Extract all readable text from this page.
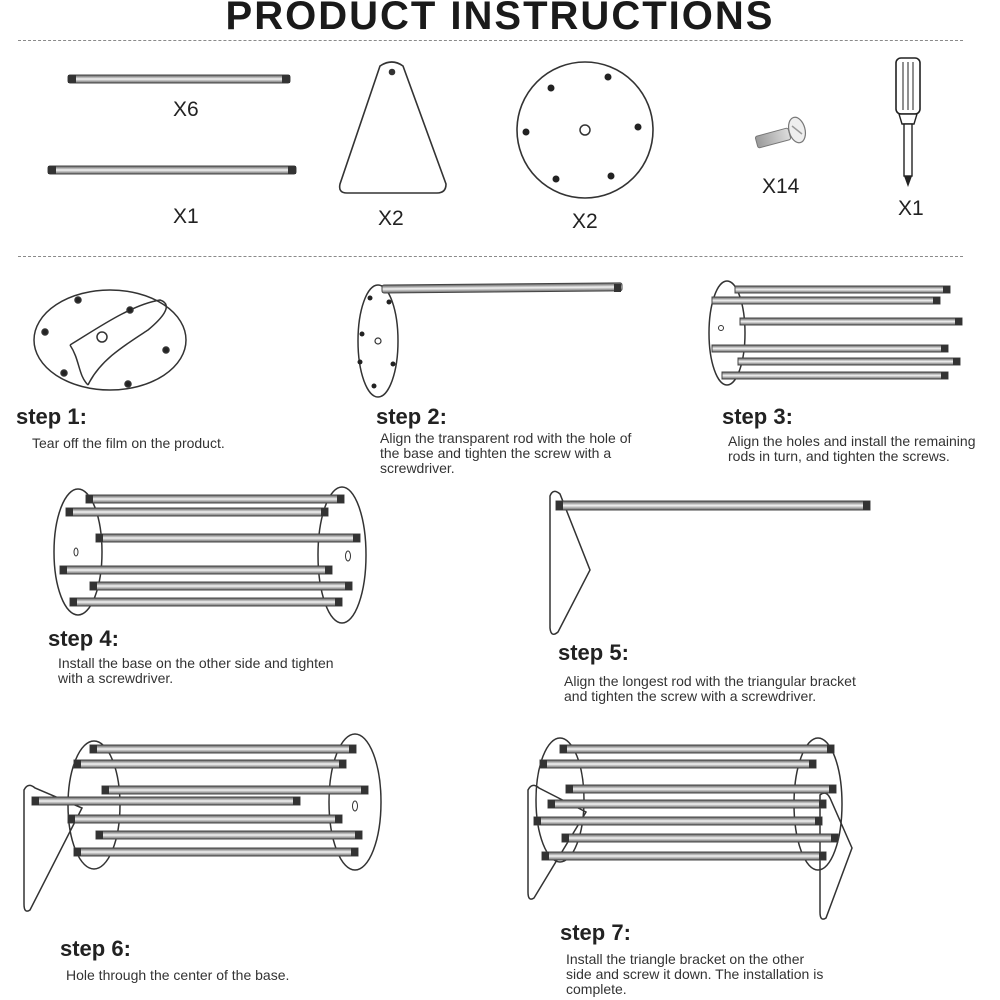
PRODUCT INSTRUCTIONS
X6
X1	X2	X2
X14
X1
step 1:
Tear off the film on the product.
step 2:
Align the transparent rod with the hole of the base and tighten the screw with a screwdriver.
step 3:
Align the holes and install the remaining rods in turn, and tighten the screws.
step 4:
Install the base on the other side and tighten with a screwdriver.
step 5:
Align the longest rod with the triangular bracket and tighten the screw with a screwdriver.
step 6:
Hole through the center of the base.
step 7:
Install the triangle bracket on the other side and screw it down. The installation is complete.
